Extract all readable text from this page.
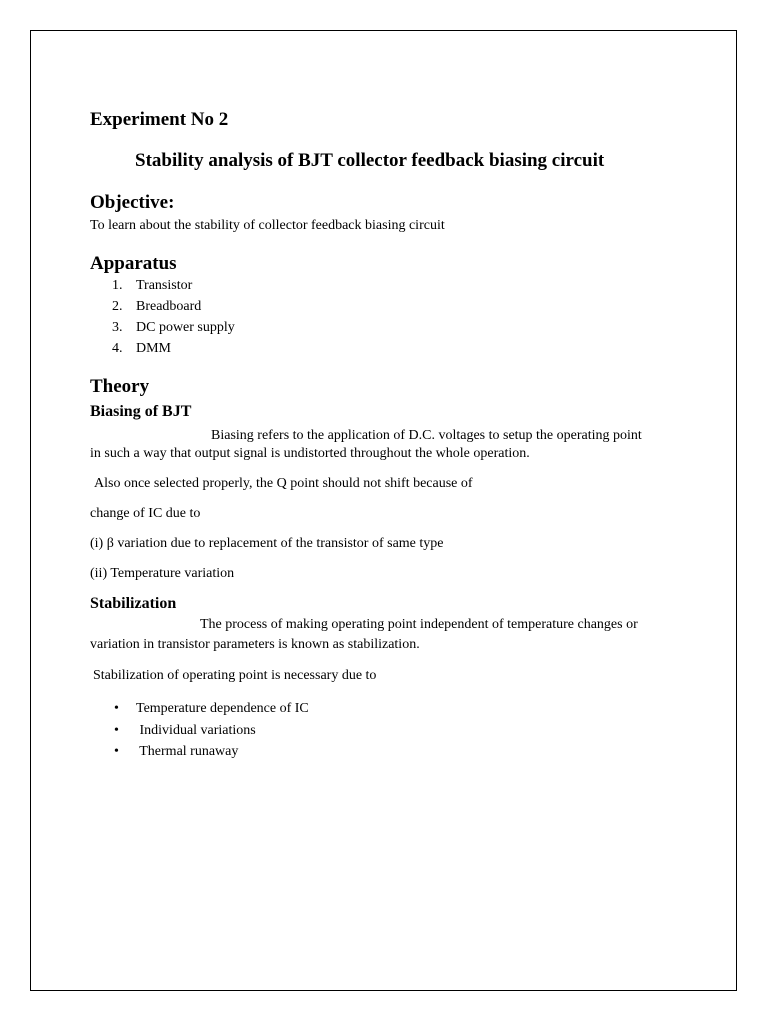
Experiment No 2
Stability analysis of BJT collector feedback biasing circuit
Objective:
To learn about the stability of collector feedback biasing circuit
Apparatus
1. Transistor
2. Breadboard
3. DC power supply
4. DMM
Theory
Biasing of BJT
Biasing refers to the application of D.C. voltages to setup the operating point
in such a way that output signal is undistorted throughout the whole operation.
Also once selected properly, the Q point should not shift because of
change of IC due to
(i) β variation due to replacement of the transistor of same type
(ii) Temperature variation
Stabilization
The process of making operating point independent of temperature changes or
variation in transistor parameters is known as stabilization.
Stabilization of operating point is necessary due to
•	Temperature dependence of IC
•	Individual variations
•	Thermal runaway
